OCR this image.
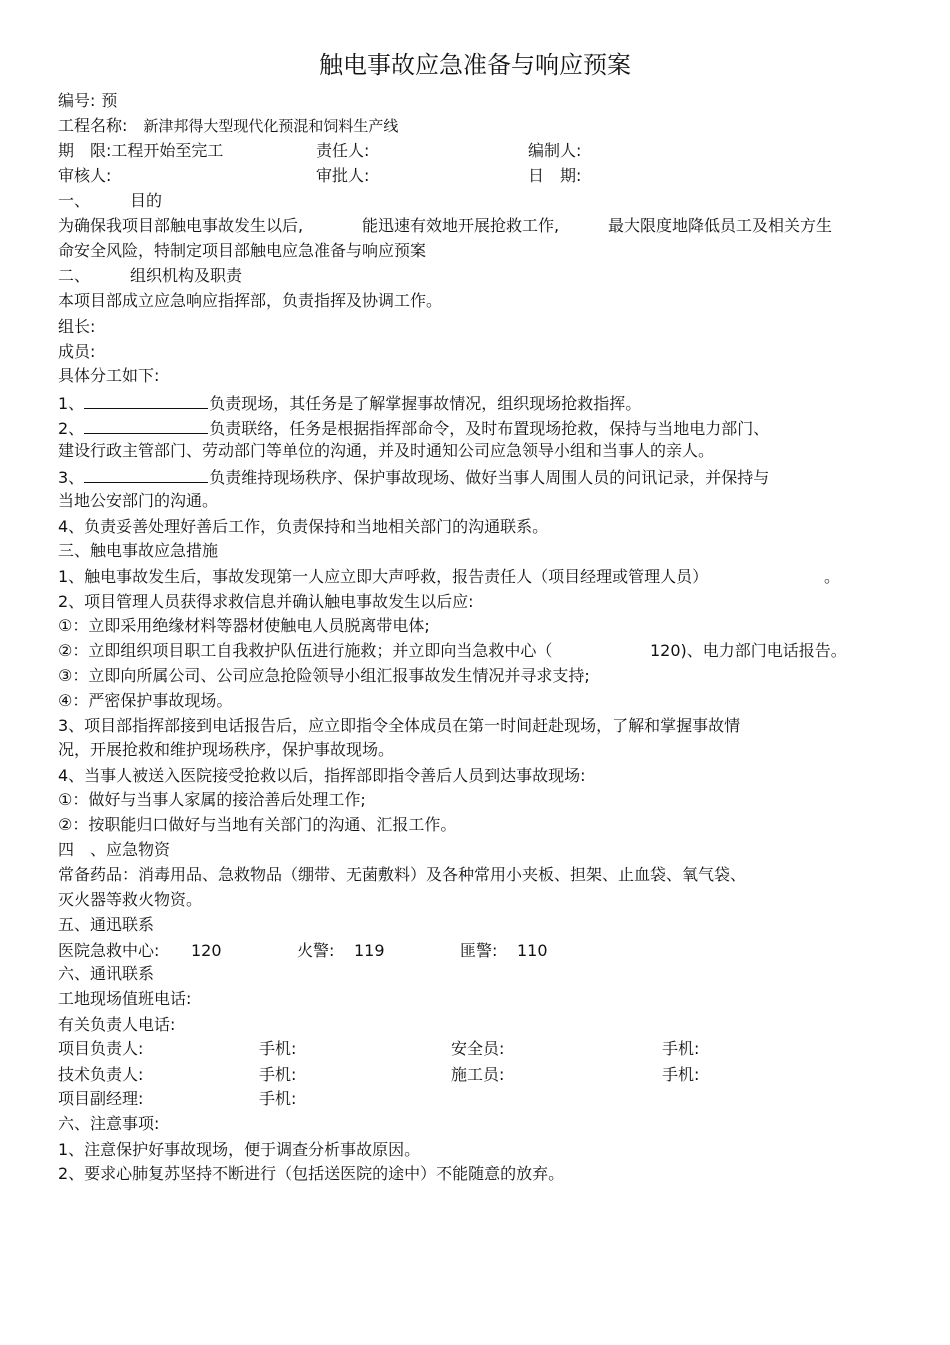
触电事故应急准备与响应预案
编号: 预
工程名称: 新津邦得大型现代化预混和饲料生产线
期　限:工程开始至完工	责任人:	编制人:
审核人:	审批人:	日　期:
一、	目的
为确保我项目部触电事故发生以后,	能迅速有效地开展抢救工作,	最大限度地降低员工及相关方生
命安全风险，特制定项目部触电应急准备与响应预案
二、	组织机构及职责
本项目部成立应急响应指挥部，负责指挥及协调工作。
组长:
成员:
具体分工如下:
1、	负责现场，其任务是了解掌握事故情况，组织现场抢救指挥。
2、	负责联络，任务是根据指挥部命令，及时布置现场抢救，保持与当地电力部门、
建设行政主管部门、劳动部门等单位的沟通，并及时通知公司应急领导小组和当事人的亲人。
3、	负责维持现场秩序、保护事故现场、做好当事人周围人员的问讯记录，并保持与
当地公安部门的沟通。
4、负责妥善处理好善后工作，负责保持和当地相关部门的沟通联系。
三、触电事故应急措施
1、触电事故发生后，事故发现第一人应立即大声呼救，报告责任人（项目经理或管理人员）	。
2、项目管理人员获得求救信息并确认触电事故发生以后应:
①：立即采用绝缘材料等器材使触电人员脱离带电体;
②：立即组织项目职工自我救护队伍进行施救；并立即向当急救中心（	120)、电力部门电话报告。
③：立即向所属公司、公司应急抢险领导小组汇报事故发生情况并寻求支持;
④：严密保护事故现场。
3、项目部指挥部接到电话报告后，应立即指令全体成员在第一时间赶赴现场，了解和掌握事故情
况，开展抢救和维护现场秩序，保护事故现场。
4、当事人被送入医院接受抢救以后，指挥部即指令善后人员到达事故现场:
①：做好与当事人家属的接洽善后处理工作;
②：按职能归口做好与当地有关部门的沟通、汇报工作。
四　、应急物资
常备药品：消毒用品、急救物品（绷带、无菌敷料）及各种常用小夹板、担架、止血袋、氧气袋、
灭火器等救火物资。
五、通迅联系
医院急救中心: 120	火警: 119	匪警: 110
六、通讯联系
工地现场值班电话:
有关负责人电话:
项目负责人:	手机:	安全员:	手机:
技术负责人:	手机:	施工员:	手机:
项目副经理:	手机:
六、注意事项:
1、注意保护好事故现场，便于调查分析事故原因。
2、要求心肺复苏坚持不断进行（包括送医院的途中）不能随意的放弃。
